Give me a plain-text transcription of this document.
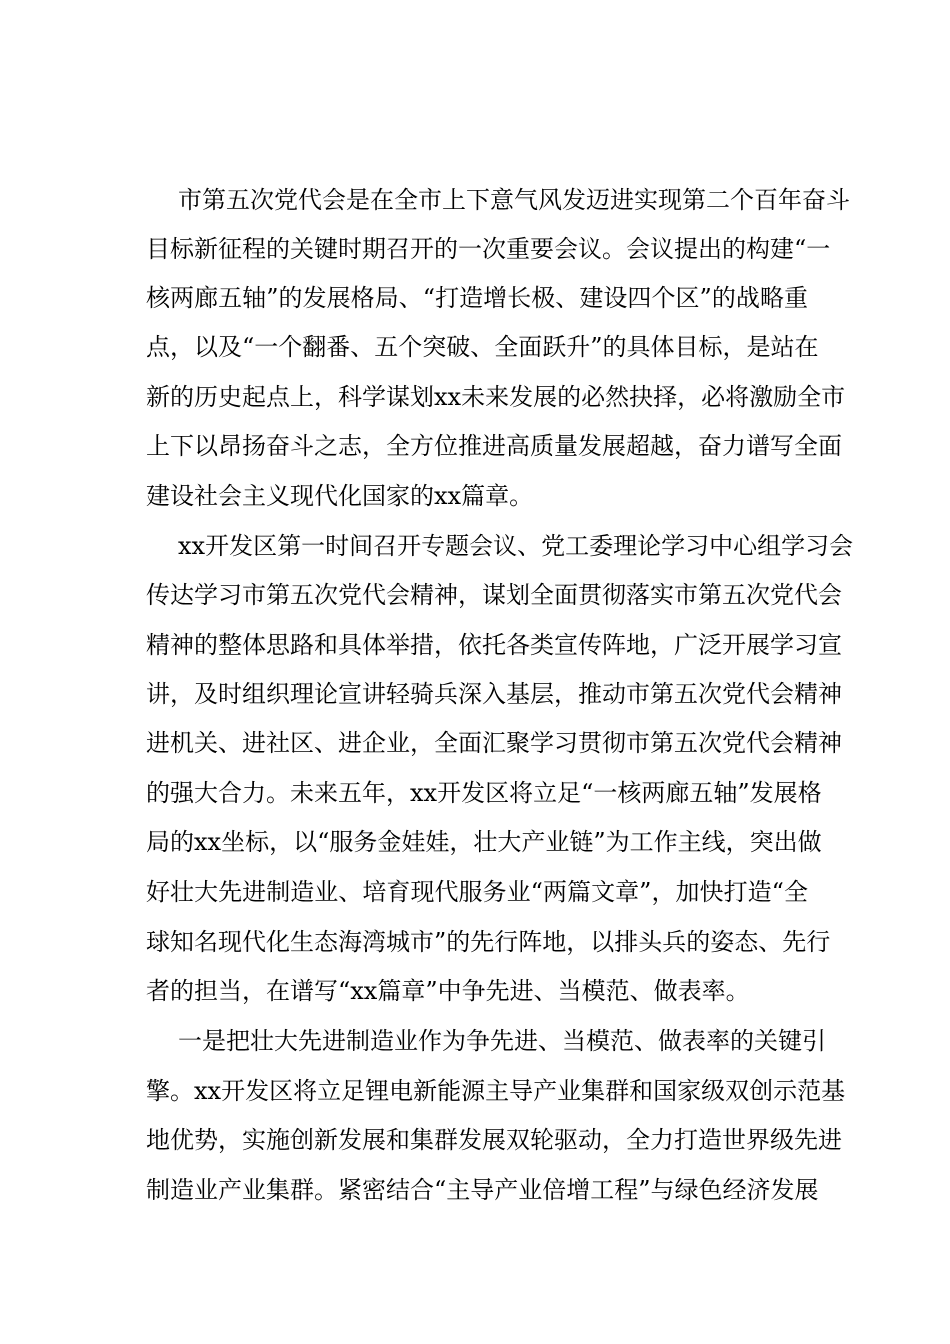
市第五次党代会是在全市上下意气风发迈进实现第二个百年奋斗
目标新征程的关键时期召开的一次重要会议。会议提出的构建“一
核两廊五轴”的发展格局、“打造增长极、建设四个区”的战略重
点，以及“一个翻番、五个突破、全面跃升”的具体目标，是站在
新的历史起点上，科学谋划xx未来发展的必然抉择，必将激励全市
上下以昂扬奋斗之志，全方位推进高质量发展超越，奋力谱写全面
建设社会主义现代化国家的xx篇章。
xx开发区第一时间召开专题会议、党工委理论学习中心组学习会
传达学习市第五次党代会精神，谋划全面贯彻落实市第五次党代会
精神的整体思路和具体举措，依托各类宣传阵地，广泛开展学习宣
讲，及时组织理论宣讲轻骑兵深入基层，推动市第五次党代会精神
进机关、进社区、进企业，全面汇聚学习贯彻市第五次党代会精神
的强大合力。未来五年，xx开发区将立足“一核两廊五轴”发展格
局的xx坐标，以“服务金娃娃，壮大产业链”为工作主线，突出做
好壮大先进制造业、培育现代服务业“两篇文章”，加快打造“全
球知名现代化生态海湾城市”的先行阵地，以排头兵的姿态、先行
者的担当，在谱写“xx篇章”中争先进、当模范、做表率。
一是把壮大先进制造业作为争先进、当模范、做表率的关键引
擎。xx开发区将立足锂电新能源主导产业集群和国家级双创示范基
地优势，实施创新发展和集群发展双轮驱动，全力打造世界级先进
制造业产业集群。紧密结合“主导产业倍增工程”与绿色经济发展
